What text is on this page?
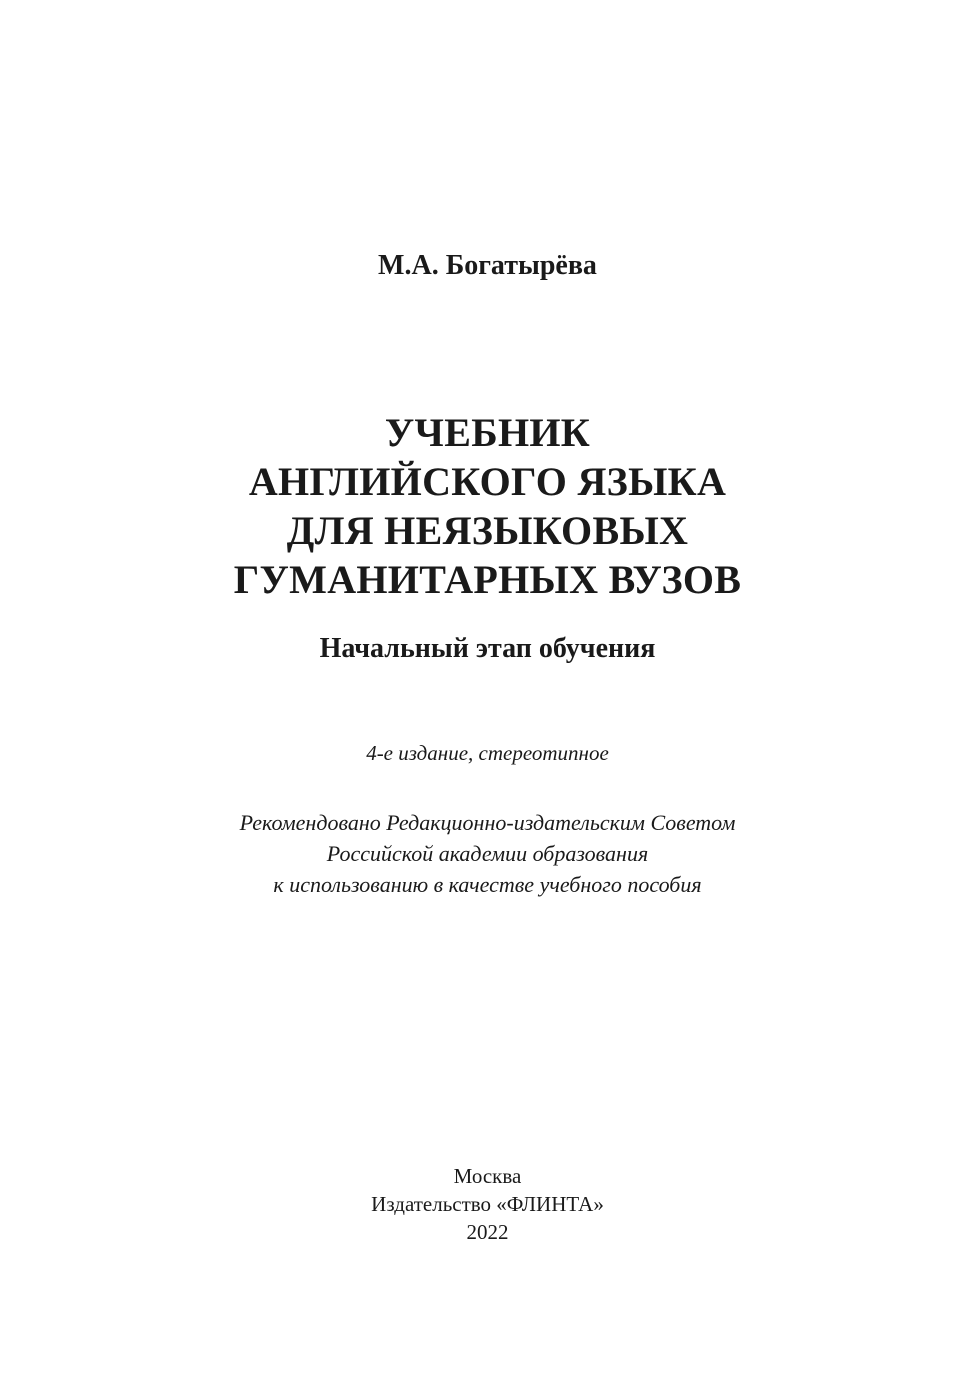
М.А. Богатырёва
УЧЕБНИК
АНГЛИЙСКОГО ЯЗЫКА
ДЛЯ НЕЯЗЫКОВЫХ
ГУМАНИТАРНЫХ ВУЗОВ
Начальный этап обучения
4-е издание, стереотипное
Рекомендовано Редакционно-издательским Советом
Российской академии образования
к использованию в качестве учебного пособия
Москва
Издательство «ФЛИНТА»
2022
